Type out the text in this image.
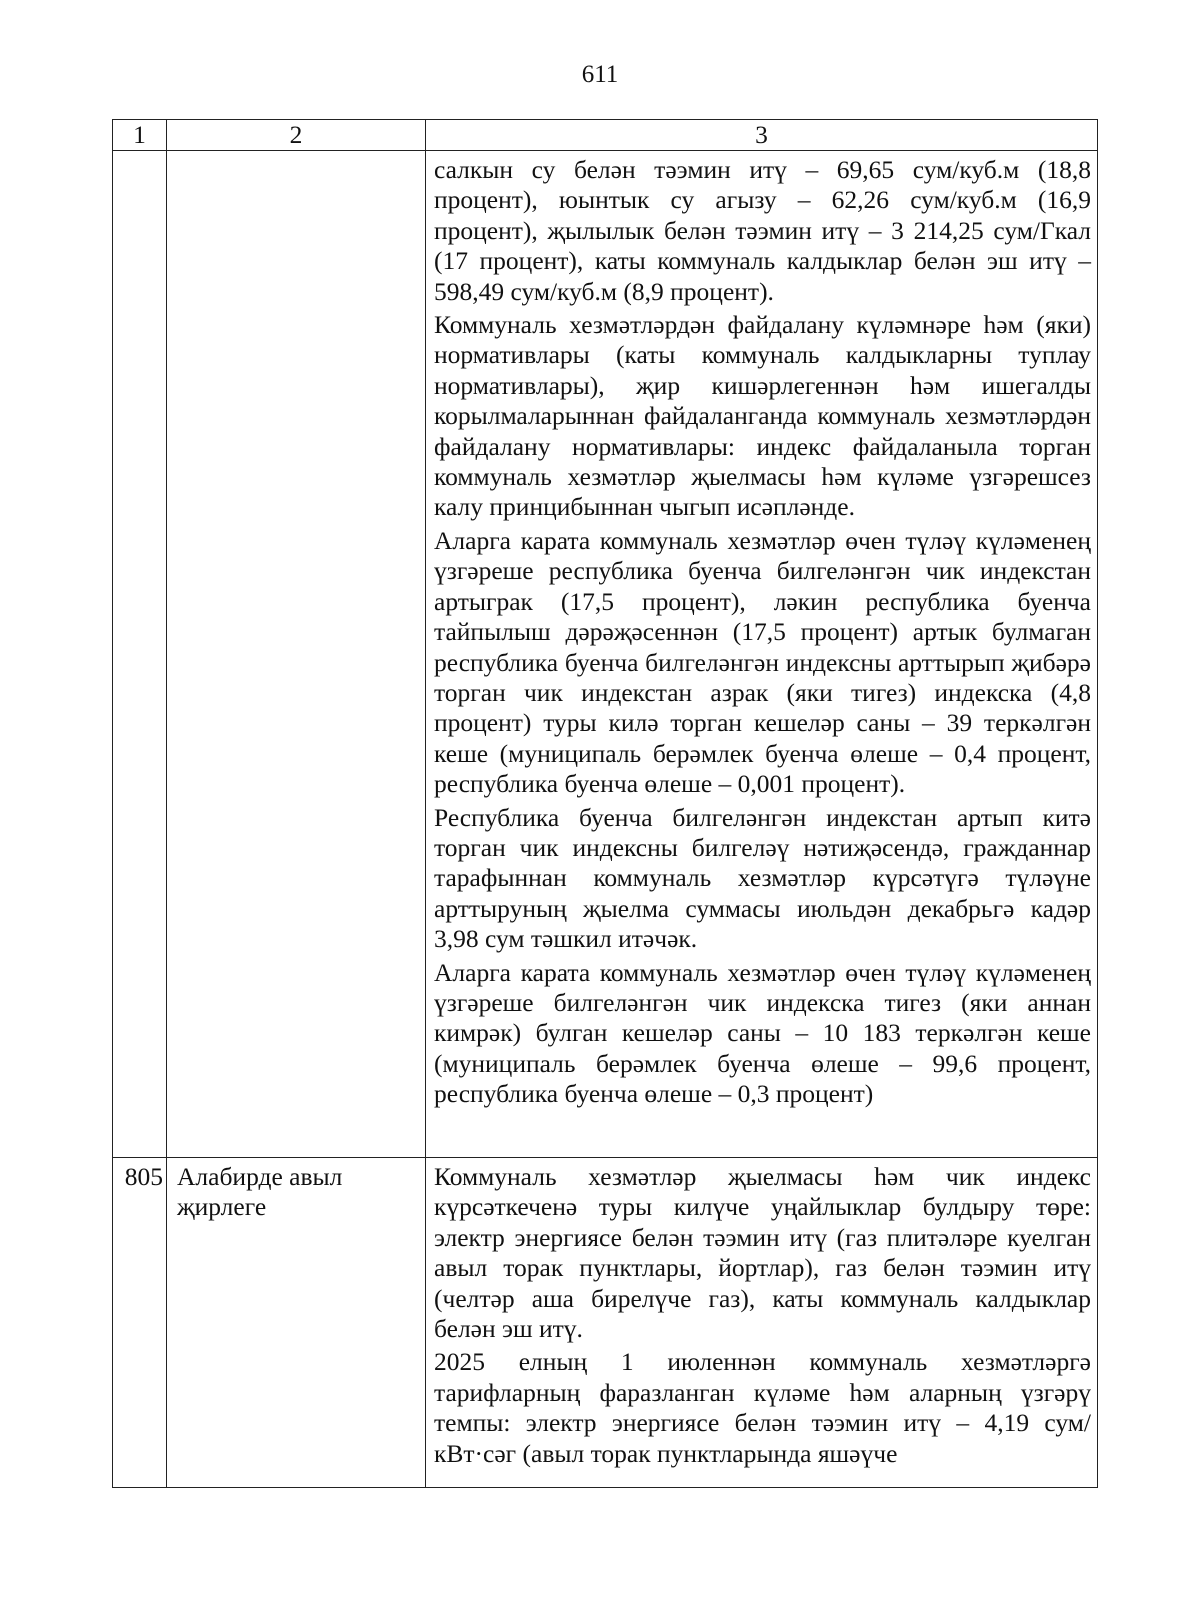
611
1	2	3

		салкын су белән тәэмин итү – 69,65 сум/куб.м (18,8 процент), юынтык су агызу – 62,26 сум/куб.м (16,9 процент), җылылык белән тәэмин итү – 3 214,25 сум/Гкал (17 процент), каты коммуналь калдыклар белән эш итү – 598,49 сум/куб.м (8,9 процент).

Коммуналь хезмәтләрдән файдалану күләмнәре һәм (яки) нормативлары (каты коммуналь калдыкларны туплау нормативлары), җир кишәрлегеннән һәм ишегалды корылмаларыннан файдаланганда коммуналь хезмәтләрдән файдалану нормативлары: индекс файдаланыла торган коммуналь хезмәтләр җыелмасы һәм күләме үзгәрешсез калу принцибыннан чыгып исәпләнде.

Аларга карата коммуналь хезмәтләр өчен түләү күләменең үзгәреше республика буенча билгеләнгән чик индекстан артыграк (17,5 процент), ләкин республика буенча тайпылыш дәрәҗәсеннән (17,5 процент) артык булмаган республика буенча билгеләнгән индексны арттырып җибәрә торган чик индекстан азрак (яки тигез) индекска (4,8 процент) туры килә торган кешеләр саны – 39 теркәлгән кеше (муниципаль берәмлек буенча өлеше – 0,4 процент, республика буенча өлеше – 0,001 процент).

Республика буенча билгеләнгән индекстан артып китә торган чик индексны билгеләү нәтиҗәсендә, гражданнар тарафыннан коммуналь хезмәтләр күрсәтүгә түләүне арттыруның җыелма суммасы июльдән декабрьгә кадәр 3,98 сум тәшкил итәчәк.

Аларга карата коммуналь хезмәтләр өчен түләү күләменең үзгәреше билгеләнгән чик индекска тигез (яки аннан кимрәк) булган кешеләр саны – 10 183 теркәлгән кеше (муниципаль берәмлек буенча өлеше – 99,6 процент, республика буенча өлеше – 0,3 процент)

805	Алабирде авыл җирлеге	Коммуналь хезмәтләр җыелмасы һәм чик индекс күрсәткеченә туры килүче уңайлыклар булдыру төре: электр энергиясе белән тәэмин итү (газ плитәләре куелган авыл торак пунктлары, йортлар), газ белән тәэмин итү (челтәр аша бирелүче газ), каты коммуналь калдыклар белән эш итү.

2025 елның 1 июленнән коммуналь хезмәтләргә тарифларның фаразланган күләме һәм аларның үзгәрү темпы: электр энергиясе белән тәэмин итү – 4,19 сум/кВт·сәг (авыл торак пунктларында яшәүче
